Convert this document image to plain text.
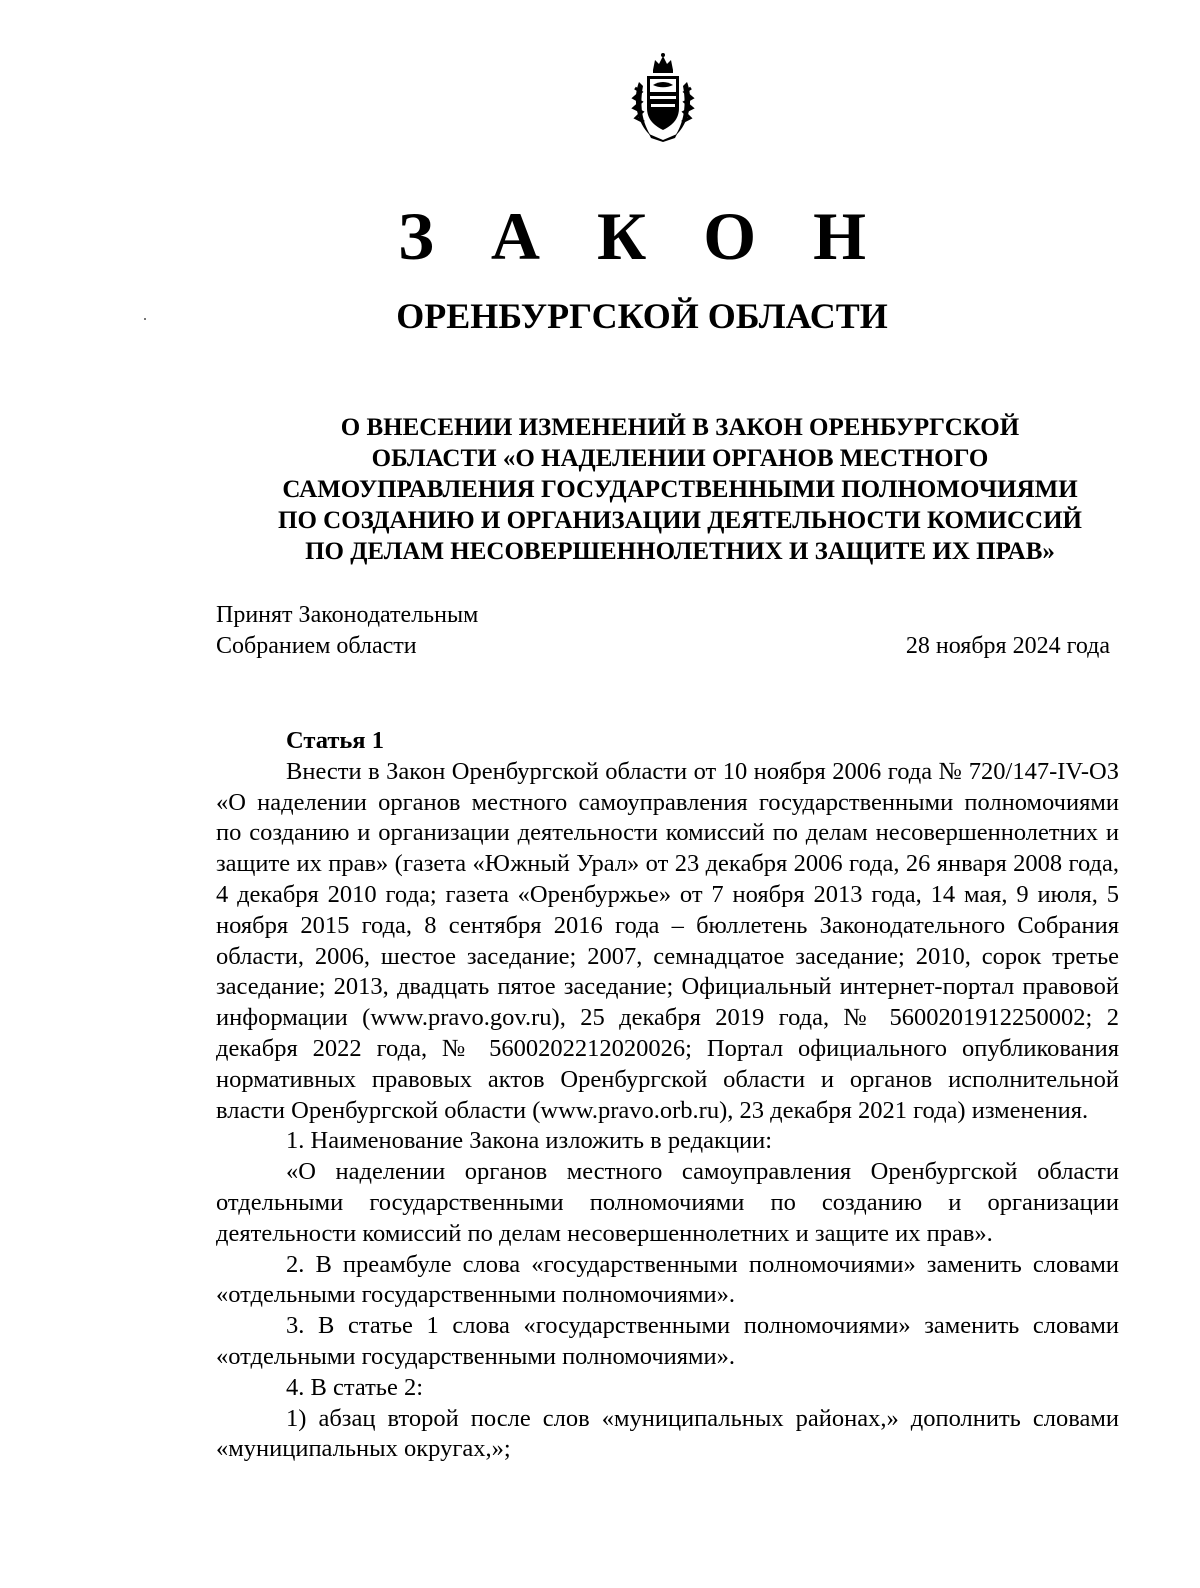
З А К О Н
ОРЕНБУРГСКОЙ ОБЛАСТИ
О ВНЕСЕНИИ ИЗМЕНЕНИЙ В ЗАКОН ОРЕНБУРГСКОЙ
ОБЛАСТИ «О НАДЕЛЕНИИ ОРГАНОВ МЕСТНОГО
САМОУПРАВЛЕНИЯ ГОСУДАРСТВЕННЫМИ ПОЛНОМОЧИЯМИ
ПО СОЗДАНИЮ И ОРГАНИЗАЦИИ ДЕЯТЕЛЬНОСТИ КОМИССИЙ
ПО ДЕЛАМ НЕСОВЕРШЕННОЛЕТНИХ И ЗАЩИТЕ ИХ ПРАВ»
Принят Законодательным
Собранием области	28 ноября 2024 года

Статья 1

Внести в Закон Оренбургской области от 10 ноября 2006 года № 720/147-IV-ОЗ «О наделении органов местного самоуправления государственными полномочиями по созданию и организации деятельности комиссий по делам несовершеннолетних и защите их прав» (газета «Южный Урал» от 23 декабря 2006 года, 26 января 2008 года, 4 декабря 2010 года; газета «Оренбуржье» от 7 ноября 2013 года, 14 мая, 9 июля, 5 ноября 2015 года, 8 сентября 2016 года – бюллетень Законодательного Собрания области, 2006, шестое заседание; 2007, семнадцатое заседание; 2010, сорок третье заседание; 2013, двадцать пятое заседание; Официальный интернет-портал правовой информации (www.pravo.gov.ru), 25 декабря 2019 года, № 5600201912250002; 2 декабря 2022 года, № 5600202212020026; Портал официального опубликования нормативных правовых актов Оренбургской области и органов исполнительной власти Оренбургской области (www.pravo.orb.ru), 23 декабря 2021 года) изменения.

1. Наименование Закона изложить в редакции:

«О наделении органов местного самоуправления Оренбургской области отдельными государственными полномочиями по созданию и организации деятельности комиссий по делам несовершеннолетних и защите их прав».

2. В преамбуле слова «государственными полномочиями» заменить словами «отдельными государственными полномочиями».

3. В статье 1 слова «государственными полномочиями» заменить словами «отдельными государственными полномочиями».

4. В статье 2:

1) абзац второй после слов «муниципальных районах,» дополнить словами «муниципальных округах,»;
